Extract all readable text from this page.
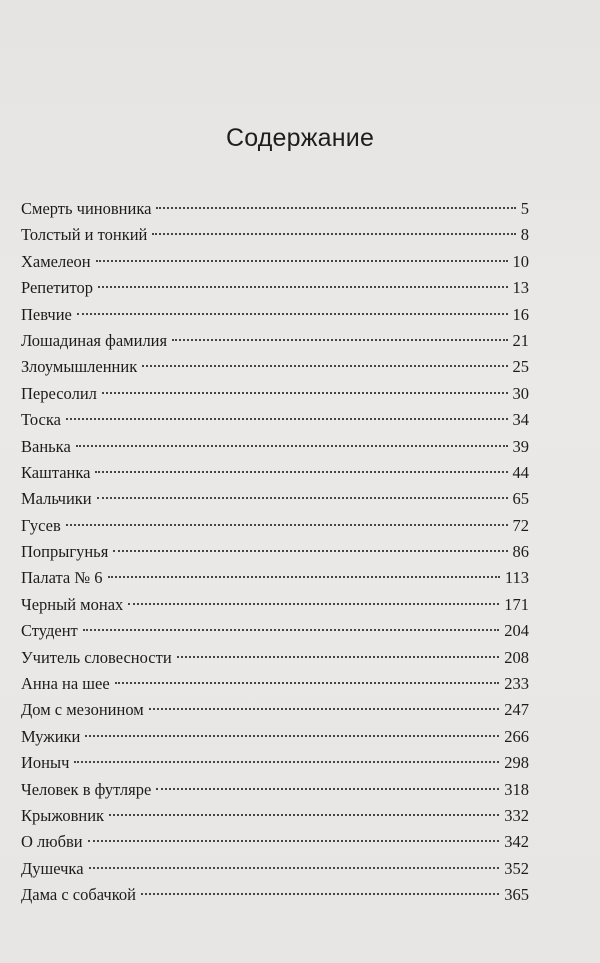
Содержание
Смерть чиновника	5
Толстый и тонкий	8
Хамелеон	10
Репетитор	13
Певчие	16
Лошадиная фамилия	21
Злоумышленник	25
Пересолил	30
Тоска	34
Ванька	39
Каштанка	44
Мальчики	65
Гусев	72
Попрыгунья	86
Палата № 6	113
Черный монах	171
Студент	204
Учитель словесности	208
Анна на шее	233
Дом с мезонином	247
Мужики	266
Ионыч	298
Человек в футляре	318
Крыжовник	332
О любви	342
Душечка	352
Дама с собачкой	365
